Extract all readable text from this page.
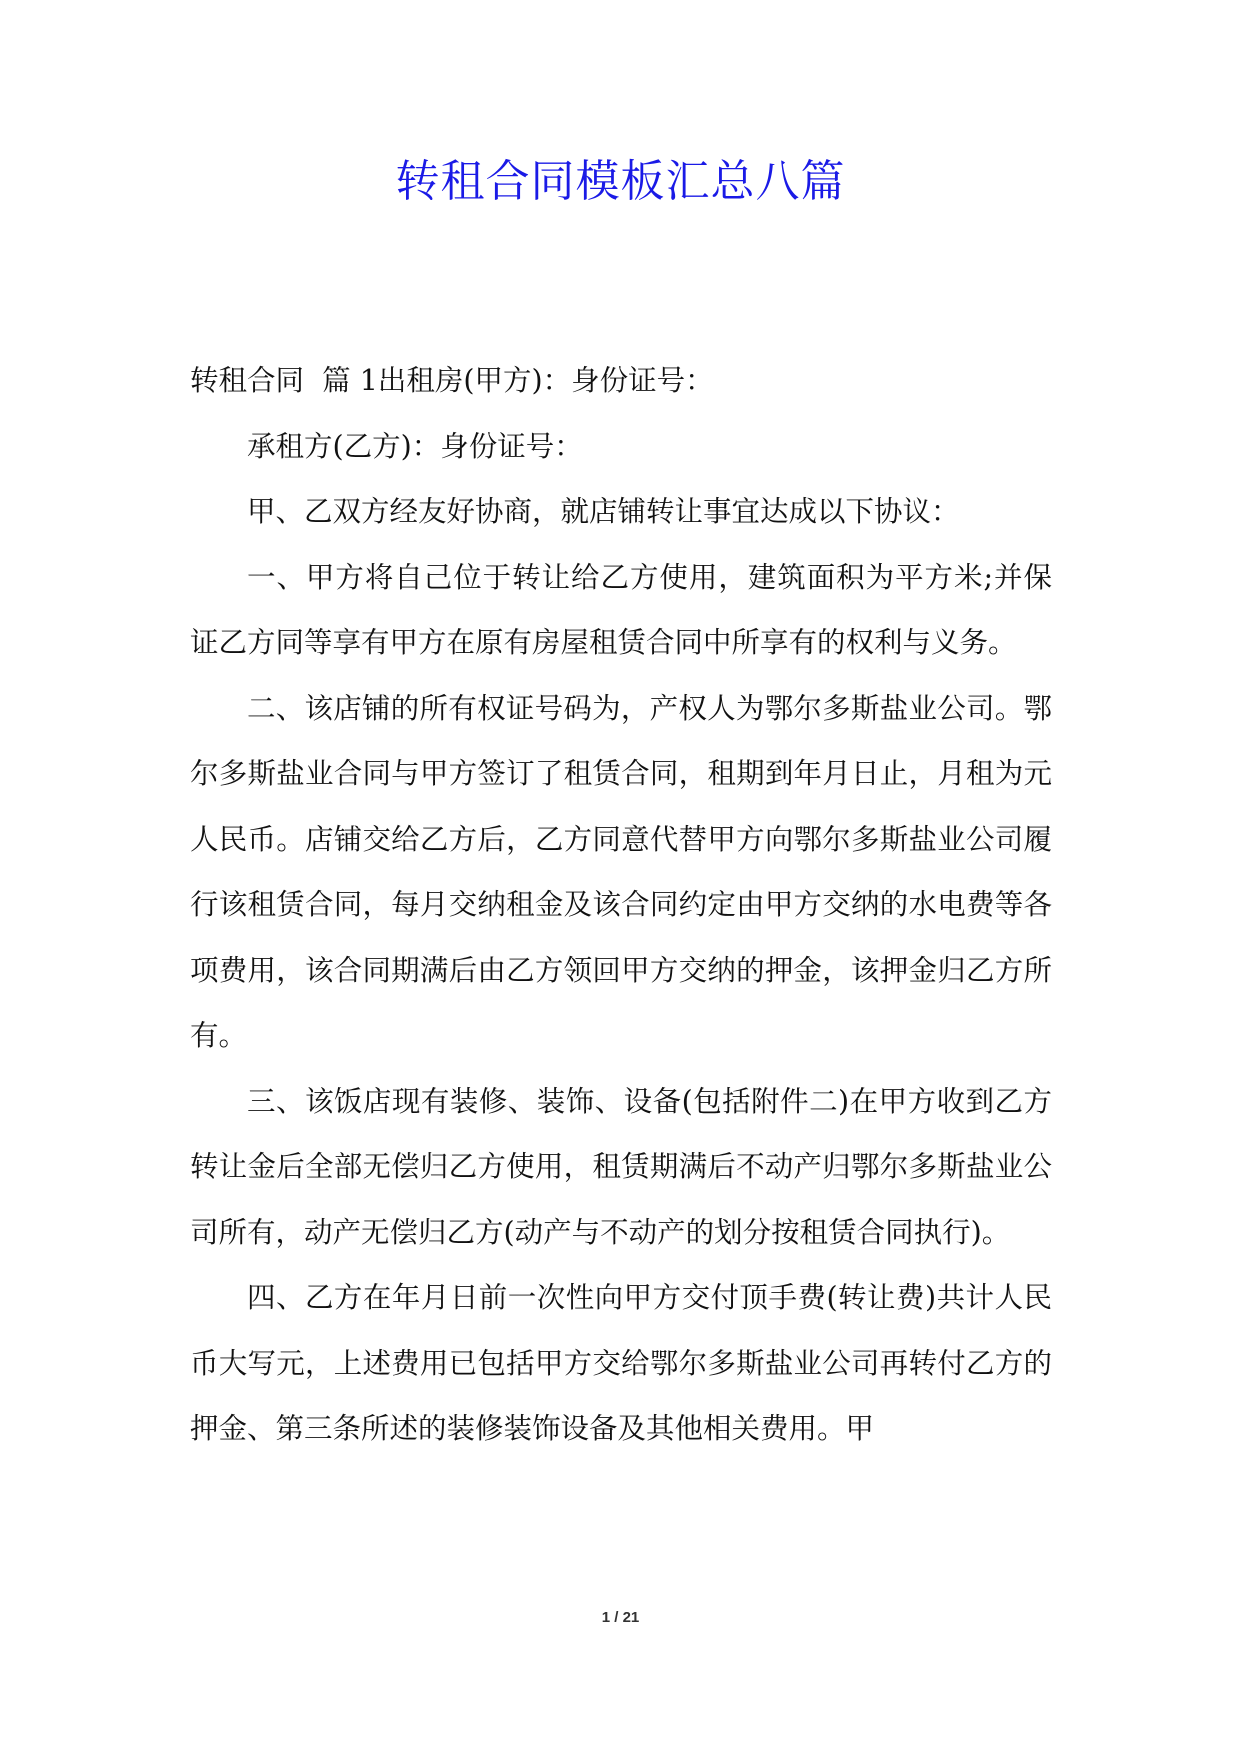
转租合同模板汇总八篇

转租合同 篇 1出租房(甲方)：身份证号：

承租方(乙方)：身份证号：

甲、乙双方经友好协商，就店铺转让事宜达成以下协议：

一、甲方将自己位于转让给乙方使用，建筑面积为平方米;并保证乙方同等享有甲方在原有房屋租赁合同中所享有的权利与义务。

二、该店铺的所有权证号码为，产权人为鄂尔多斯盐业公司。鄂尔多斯盐业合同与甲方签订了租赁合同，租期到年月日止，月租为元人民币。店铺交给乙方后，乙方同意代替甲方向鄂尔多斯盐业公司履行该租赁合同，每月交纳租金及该合同约定由甲方交纳的水电费等各项费用，该合同期满后由乙方领回甲方交纳的押金，该押金归乙方所有。

三、该饭店现有装修、装饰、设备(包括附件二)在甲方收到乙方转让金后全部无偿归乙方使用，租赁期满后不动产归鄂尔多斯盐业公司所有，动产无偿归乙方(动产与不动产的划分按租赁合同执行)。

四、乙方在年月日前一次性向甲方交付顶手费(转让费)共计人民币大写元，上述费用已包括甲方交给鄂尔多斯盐业公司再转付乙方的押金、第三条所述的装修装饰设备及其他相关费用。甲

1 / 21
